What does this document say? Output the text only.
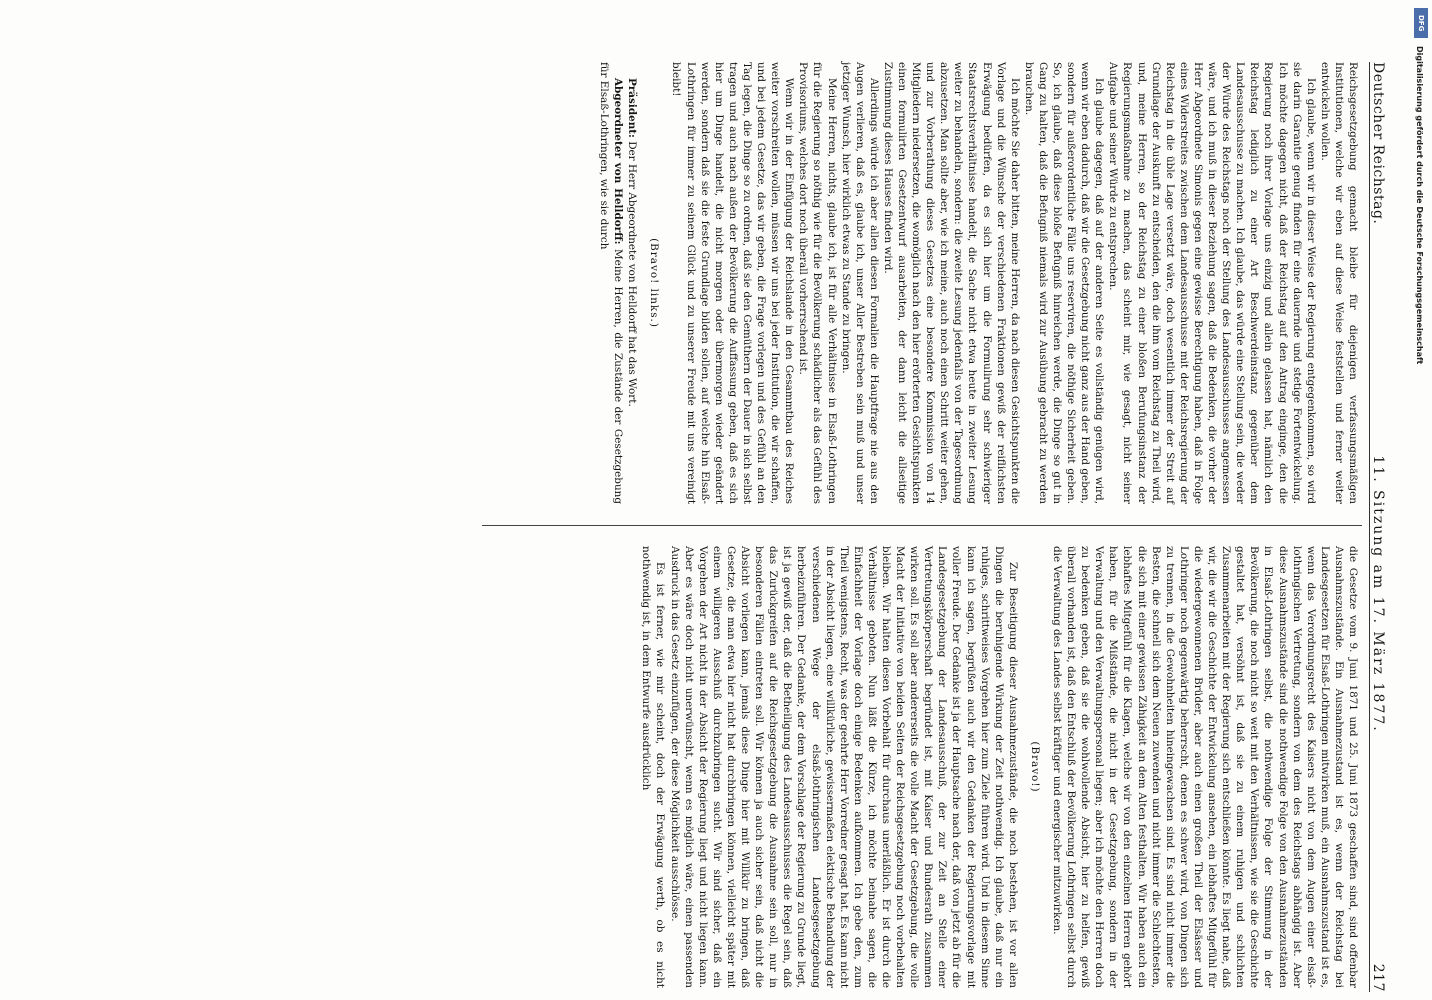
Deutscher Reichstag.
11. Sitzung am 17. März 1877.
217

Reichsgesetzgebung gemacht bleibe für diejenigen verfassungsmäßigen Institutionen, welche wir eben auf diese Weise feststellen und ferner weiter entwickeln wollen.

Ich glaube, wenn wir in dieser Weise der Regierung entgegenkommen, so wird sie darin Garantie genug finden für eine dauernde und stetige Fortentwickelung. Ich möchte dagegen nicht, daß der Reichstag auf den Antrag einginge, den die Regierung noch ihrer Vorlage uns einzig und allein gelassen hat, nämlich den Reichstag lediglich zu einer Art Beschwerdeinstanz gegenüber dem Landesausschusse zu machen. Ich glaube, das würde eine Stellung sein, die weder der Würde des Reichstags noch der Stellung des Landesausschusses angemessen wäre, und ich muß in dieser Beziehung sagen, daß die Bedenken, die vorher der Herr Abgeordnete Simonis gegen eine gewisse Berechtigung haben, daß in Folge eines Widerstreites zwischen dem Landesausschusse mit der Reichsregierung der Reichstag in die üble Lage versetzt wäre, doch wesentlich immer der Streit auf Grundlage der Auskunft zu entscheiden, den die ihm vom Reichstag zu Theil wird, und, meine Herren, so der Reichstag zu einer bloßen Berufungsinstanz der Regierungsmaßnahme zu machen, das scheint mir, wie gesagt, nicht seiner Aufgabe und seiner Würde zu entsprechen.

Ich glaube dagegen, daß auf der anderen Seite es vollständig genügen wird, wenn wir eben dadurch, daß wir die Gesetzgebung nicht ganz aus der Hand geben, sondern für außerordentliche Fälle uns reserviren, die nöthige Sicherheit geben. So, ich glaube, daß diese bloße Befugniß hinreichen werde, die Dinge so gut in Gang zu halten, daß die Befugniß niemals wird zur Ausübung gebracht zu werden brauchen.

Ich möchte Sie daher bitten, meine Herren, da nach diesen Gesichtspunkten die Vorlage und die Wünsche der verschiedenen Fraktionen gewiß der reiflichsten Erwägung bedürfen, da es sich hier um die Formulirung sehr schwieriger Staatsrechtsverhältnisse handelt, die Sache nicht etwa heute in zweiter Lesung weiter zu behandeln, sondern: die zweite Lesung jedenfalls von der Tagesordnung abzusetzen. Man sollte aber, wie ich meine, auch noch einen Schritt weiter gehen, und zur Vorberathung dieses Gesetzes eine besondere Kommission von 14 Mitgliedern niedersetzen, die womöglich nach den hier erörterten Gesichtspunkten einen formulirten Gesetzentwurf ausarbeiten, der dann leicht die allseitige Zustimmung dieses Hauses finden wird.

Allerdings würde ich aber allen diesen Formalien die Hauptfrage nie aus den Augen verlieren, daß es, glaube ich, unser Aller Bestreben sein muß und unser jetziger Wunsch, hier wirklich etwas zu Stande zu bringen.

Meine Herren, nichts, glaube ich, ist für alle Verhältnisse in Elsaß-Lothringen für die Regierung so nöthig wie für die Bevölkerung schädlicher als das Gefühl des Provisoriums, welches dort noch überall vorherrschend ist.

Wenn wir in der Einfügung der Reichslande in den Gesammtbau des Reiches weiter vorschreiten wollen, müssen wir uns bei jeder Institution, die wir schaffen, und bei jedem Gesetze, das wir geben, die Frage vorlegen und des Gefühl an den Tag legen, die Dinge so zu ordnen, daß sie den Gemüthern der Dauer in sich selbst tragen und auch nach außen der Bevölkerung die Auffassung geben, daß es sich hier um Dinge handelt, die nicht morgen oder übermorgen wieder geändert werden, sondern daß sie die feste Grundlage bilden sollen, auf welche hin Elsaß-Lothringen für immer zu seinem Glück und zu unserer Freude mit uns vereinigt bleibt!

(Bravo! links.)

Präsident: Der Herr Abgeordnete von Helldorff hat das Wort.

Abgeordneter von Helldorff: Meine Herren, die Zustände der Gesetzgebung für Elsaß-Lothringen, wie sie durch

die Gesetze vom 9. Juni 1871 und 25. Juni 1873 geschaffen sind, sind offenbar Ausnahmszustände. Ein Ausnahmezustand ist es, wenn der Reichstag bei Landesgesetzen für Elsaß-Lothringen mitwirken muß, ein Ausnahmszustand ist es, wenn das Verordnungsrecht des Kaisers nicht von dem Augen einer elsaß-lothringischen Vertretung, sondern von dem des Reichstags abhängig ist. Aber diese Ausnahmszustände sind die nothwendige Folge von den Ausnahmezuständen in Elsaß-Lothringen selbst, die nothwendige Folge der Stimmung in der Bevölkerung, die noch nicht so weit mit den Verhältnissen, wie sie die Geschichte gestaltet hat, versöhnt ist, daß sie zu einem ruhigen und schlichten Zusammenarbeiten mit der Regierung sich entschließen könnte. Es liegt nahe, daß wir, die wir die Geschichte der Entwickelung ansehen, ein lebhaftes Mitgefühl für die wiedergewonnenen Brüder, aber auch einen großen Theil der Elsässer und Lothringer noch gegenwärtig beherrscht, denen es schwer wird, von Dingen sich zu trennen, in die Gewohnheiten hineingewachsen sind. Es sind nicht immer die Besten, die schnell sich dem Neuen zuwenden und nicht immer die Schlechtesten, die sich mit einer gewissen Zähigkeit an dem Alten festhalten. Wir haben auch ein lebhaftes Mitgefühl für die Klagen, welche wir von den einzelnen Herren gehört haben, für die Mißstände, die nicht in der Gesetzgebung, sondern in der Verwaltung und den Verwaltungspersonal liegen; aber ich möchte den Herren doch zu bedenken geben, daß sie die wohlwollende Absicht, hier zu helfen, gewiß überall vorhanden ist, daß den Entschluß der Bevölkerung Lothringen selbst durch die Verwaltung des Landes selbst kräftiger und energischer mitzuwirken.

(Bravo!)

Zur Beseitigung dieser Ausnahmezustände, die noch bestehen, ist vor allen Dingen die beruhigende Wirkung der Zeit nothwendig. Ich glaube, daß nur ein ruhiges, schrittweises Vorgehen hier zum Ziele führen wird. Und in diesem Sinne kann ich sagen, begrüßen auch wir den Gedanken der Regierungsvorlage mit voller Freude. Der Gedanke ist ja der Hauptsache nach der, daß von jetzt ab für die Landesgesetzgebung der Landesausschuß, der zur Zeit an Stelle einer Vertretungskörperschaft begründet ist, mit Kaiser und Bundesrath zusammen wirken soll. Es soll aber andererseits die volle Macht der Gesetzgebung, die volle Macht der Initiative von beiden Seiten der Reichsgesetzgebung noch vorbehalten bleiben. Wir halten diesen Vorbehalt für durchaus unerläßlich. Er ist durch die Verhältnisse geboten. Nun läßt die Kürze, ich möchte beinahe sagen, die Einfachheit der Vorlage doch einige Bedenken aufkommen. Ich gebe den, zum Theil wenigstens, Recht, was der geehrte Herr Vorredner gesagt hat. Es kann nicht in der Absicht liegen, eine willkürliche, gewissermaßen elektische Behandlung der verschiedenen Wege der elsaß-lothringischen Landesgesetzgebung herbeizuführen. Der Gedanke, der dem Vorschlage der Regierung zu Grunde liegt, ist ja gewiß der, daß die Betheiligung des Landesausschusses die Regel sein, daß das Zurückgreifen auf die Reichsgesetzgebung die Ausnahme sein soll, nur in besonderen Fällen eintreten soll. Wir können ja auch sicher sein, daß nicht die Absicht vorliegen kann, jemals diese Dinge hier mit Willkür zu bringen, daß Gesetze, die man etwa hier nicht hat durchbringen können, vielleicht später mit einem willigeren Ausschuß durchzubringen sucht. Wir sind sicher, daß ein Vorgehen der Art nicht in der Absicht der Regierung liegt und nicht liegen kann. Aber es wäre doch nicht unerwünscht, wenn es möglich wäre, einen passenden Ausdruck in das Gesetz einzufügen, der diese Möglichkeit ausschlösse.

Es ist ferner, wie mir scheint, doch der Erwägung werth, ob es nicht nothwendig ist, in dem Entwurfe ausdrücklich

DFG
Digitalisierung gefördert durch die Deutsche Forschungsgemeinschaft
